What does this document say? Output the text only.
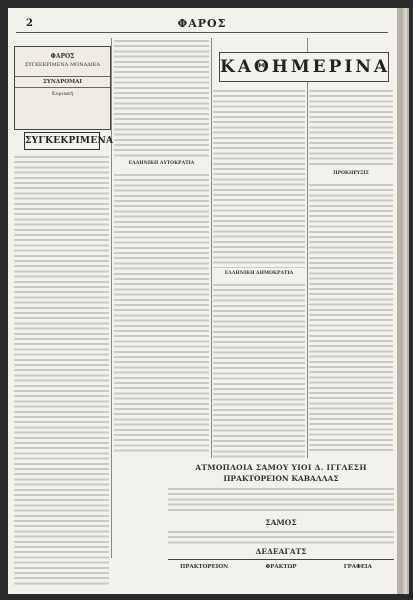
2	ΦΑΡΟΣ
ΦΑΡΟΣ
ΣΥΓΚΕΚΡΙΜΕΝΑ ΜΟΝΑΔΙΚΑ
ΣΥΝΔΡΟΜΑΙ
Κυριακή
ΣΥΓΚΕΚΡΙΜΕΝΑ
ΕΛΛΗΝΙΚΗ ΑΥΤΟΚΡΑΤΙΑ
ΕΛΛΗΝΙΚΗ ΔΗΜΟΚΡΑΤΙΑ
ΚΑΘΗΜΕΡΙΝΑ
ΠΡΟΚΗΡΥΞΙΣ
ΑΤΜΟΠΛΟΙΑ ΣΑΜΟΥ ΥΙΟΙ Δ. ΙΓΓΛΕΣΗ
ΠΡΑΚΤΟΡΕΙΟΝ ΚΑΒΑΛΛΑΣ
ΣΑΜΟΣ
ΔΕΔΕΑΓΑΤΣ
ΠΡΑΚΤΟΡΕΙΟΝ	ΦΡΑΚΤΩΡ	ΓΡΑΦΕΙΑ
